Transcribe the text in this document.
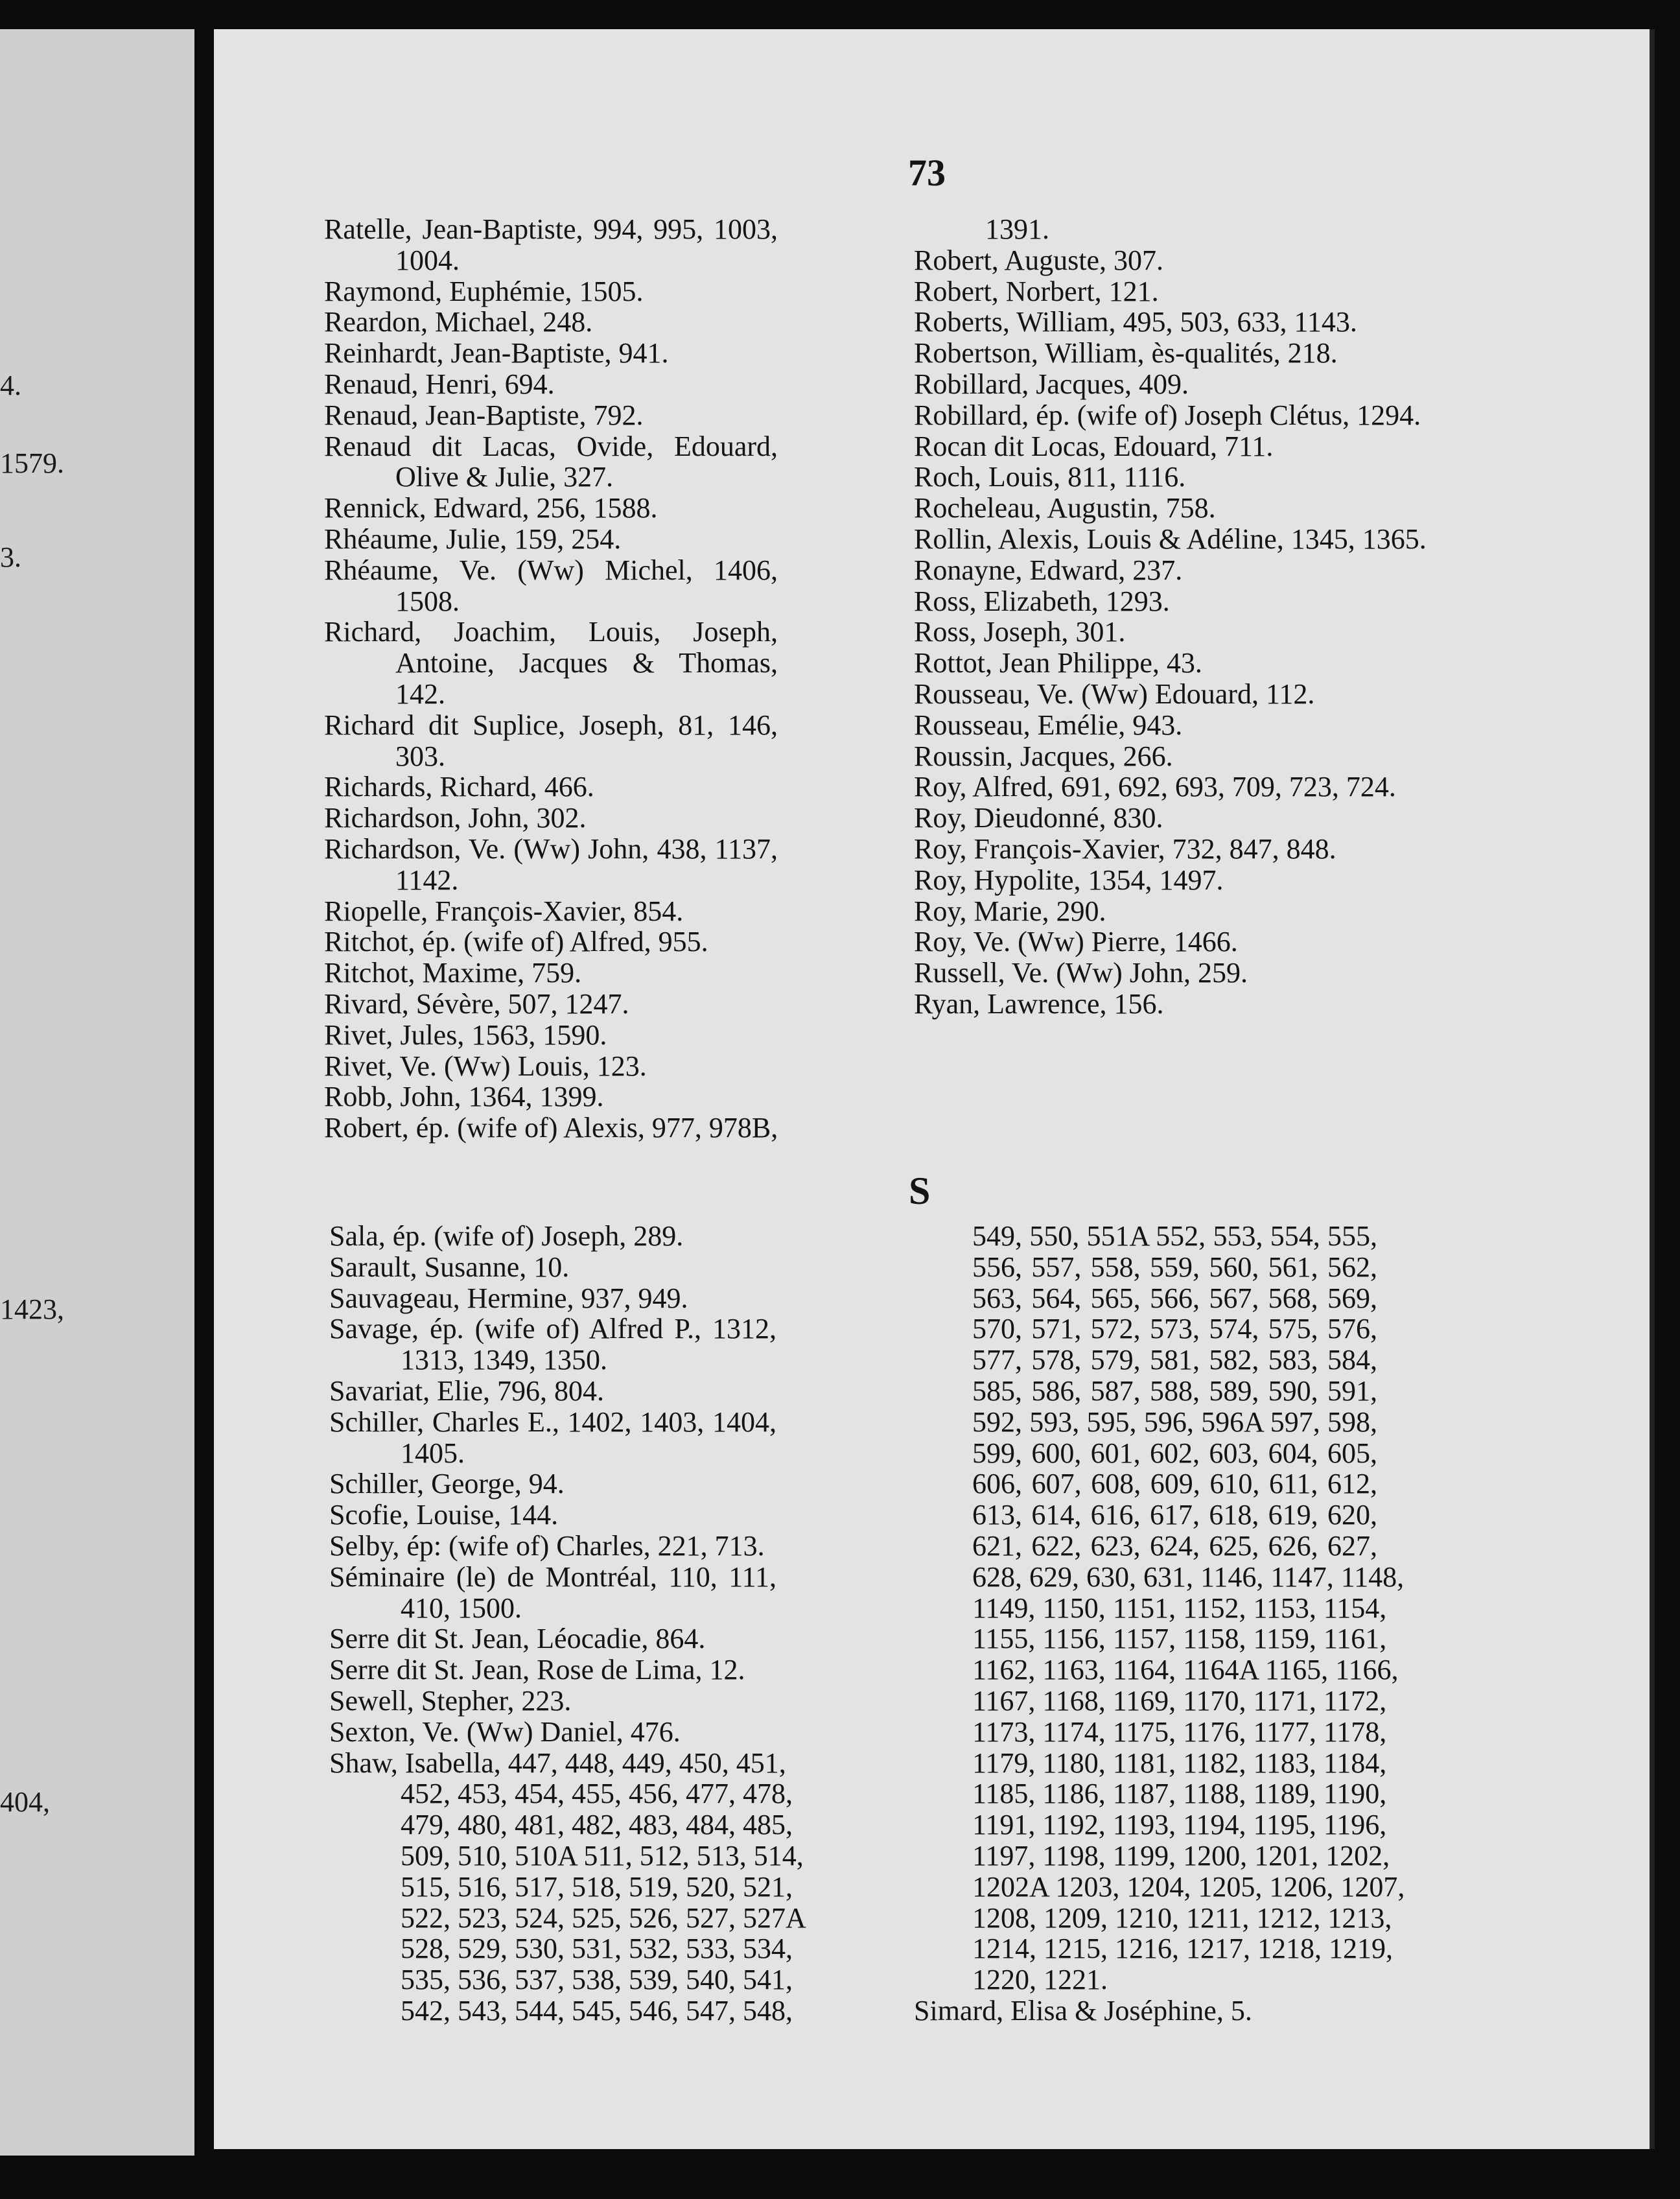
4.
1579.
3.
1423,
404,
73
Ratelle, Jean-Baptiste, 994, 995, 1003, 1004.
Raymond, Euphémie, 1505.
Reardon, Michael, 248.
Reinhardt, Jean-Baptiste, 941.
Renaud, Henri, 694.
Renaud, Jean-Baptiste, 792.
Renaud dit Lacas, Ovide, Edouard, Olive & Julie, 327.
Rennick, Edward, 256, 1588.
Rhéaume, Julie, 159, 254.
Rhéaume, Ve. (Ww) Michel, 1406, 1508.
Richard, Joachim, Louis, Joseph, Antoine, Jacques & Thomas, 142.
Richard dit Suplice, Joseph, 81, 146, 303.
Richards, Richard, 466.
Richardson, John, 302.
Richardson, Ve. (Ww) John, 438, 1137, 1142.
Riopelle, François-Xavier, 854.
Ritchot, ép. (wife of) Alfred, 955.
Ritchot, Maxime, 759.
Rivard, Sévère, 507, 1247.
Rivet, Jules, 1563, 1590.
Rivet, Ve. (Ww) Louis, 123.
Robb, John, 1364, 1399.
Robert, ép. (wife of) Alexis, 977, 978B,
1391.
Robert, Auguste, 307.
Robert, Norbert, 121.
Roberts, William, 495, 503, 633, 1143.
Robertson, William, ès-qualités, 218.
Robillard, Jacques, 409.
Robillard, ép. (wife of) Joseph Clétus, 1294.
Rocan dit Locas, Edouard, 711.
Roch, Louis, 811, 1116.
Rocheleau, Augustin, 758.
Rollin, Alexis, Louis & Adéline, 1345, 1365.
Ronayne, Edward, 237.
Ross, Elizabeth, 1293.
Ross, Joseph, 301.
Rottot, Jean Philippe, 43.
Rousseau, Ve. (Ww) Edouard, 112.
Rousseau, Emélie, 943.
Roussin, Jacques, 266.
Roy, Alfred, 691, 692, 693, 709, 723, 724.
Roy, Dieudonné, 830.
Roy, François-Xavier, 732, 847, 848.
Roy, Hypolite, 1354, 1497.
Roy, Marie, 290.
Roy, Ve. (Ww) Pierre, 1466.
Russell, Ve. (Ww) John, 259.
Ryan, Lawrence, 156.
S
Sala, ép. (wife of) Joseph, 289.
Sarault, Susanne, 10.
Sauvageau, Hermine, 937, 949.
Savage, ép. (wife of) Alfred P., 1312, 1313, 1349, 1350.
Savariat, Elie, 796, 804.
Schiller, Charles E., 1402, 1403, 1404, 1405.
Schiller, George, 94.
Scofie, Louise, 144.
Selby, ép: (wife of) Charles, 221, 713.
Séminaire (le) de Montréal, 110, 111, 410, 1500.
Serre dit St. Jean, Léocadie, 864.
Serre dit St. Jean, Rose de Lima, 12.
Sewell, Stepher, 223.
Sexton, Ve. (Ww) Daniel, 476.
Shaw, Isabella, 447, 448, 449, 450, 451,
452, 453, 454, 455, 456, 477, 478,
479, 480, 481, 482, 483, 484, 485,
509, 510, 510A 511, 512, 513, 514,
515, 516, 517, 518, 519, 520, 521,
522, 523, 524, 525, 526, 527, 527A
528, 529, 530, 531, 532, 533, 534,
535, 536, 537, 538, 539, 540, 541,
542, 543, 544, 545, 546, 547, 548,
549, 550, 551A 552, 553, 554, 555,
556, 557, 558, 559, 560, 561, 562,
563, 564, 565, 566, 567, 568, 569,
570, 571, 572, 573, 574, 575, 576,
577, 578, 579, 581, 582, 583, 584,
585, 586, 587, 588, 589, 590, 591,
592, 593, 595, 596, 596A 597, 598,
599, 600, 601, 602, 603, 604, 605,
606, 607, 608, 609, 610, 611, 612,
613, 614, 616, 617, 618, 619, 620,
621, 622, 623, 624, 625, 626, 627,
628, 629, 630, 631, 1146, 1147, 1148,
1149, 1150, 1151, 1152, 1153, 1154,
1155, 1156, 1157, 1158, 1159, 1161,
1162, 1163, 1164, 1164A 1165, 1166,
1167, 1168, 1169, 1170, 1171, 1172,
1173, 1174, 1175, 1176, 1177, 1178,
1179, 1180, 1181, 1182, 1183, 1184,
1185, 1186, 1187, 1188, 1189, 1190,
1191, 1192, 1193, 1194, 1195, 1196,
1197, 1198, 1199, 1200, 1201, 1202,
1202A 1203, 1204, 1205, 1206, 1207,
1208, 1209, 1210, 1211, 1212, 1213,
1214, 1215, 1216, 1217, 1218, 1219,
1220, 1221.
Simard, Elisa & Joséphine, 5.
